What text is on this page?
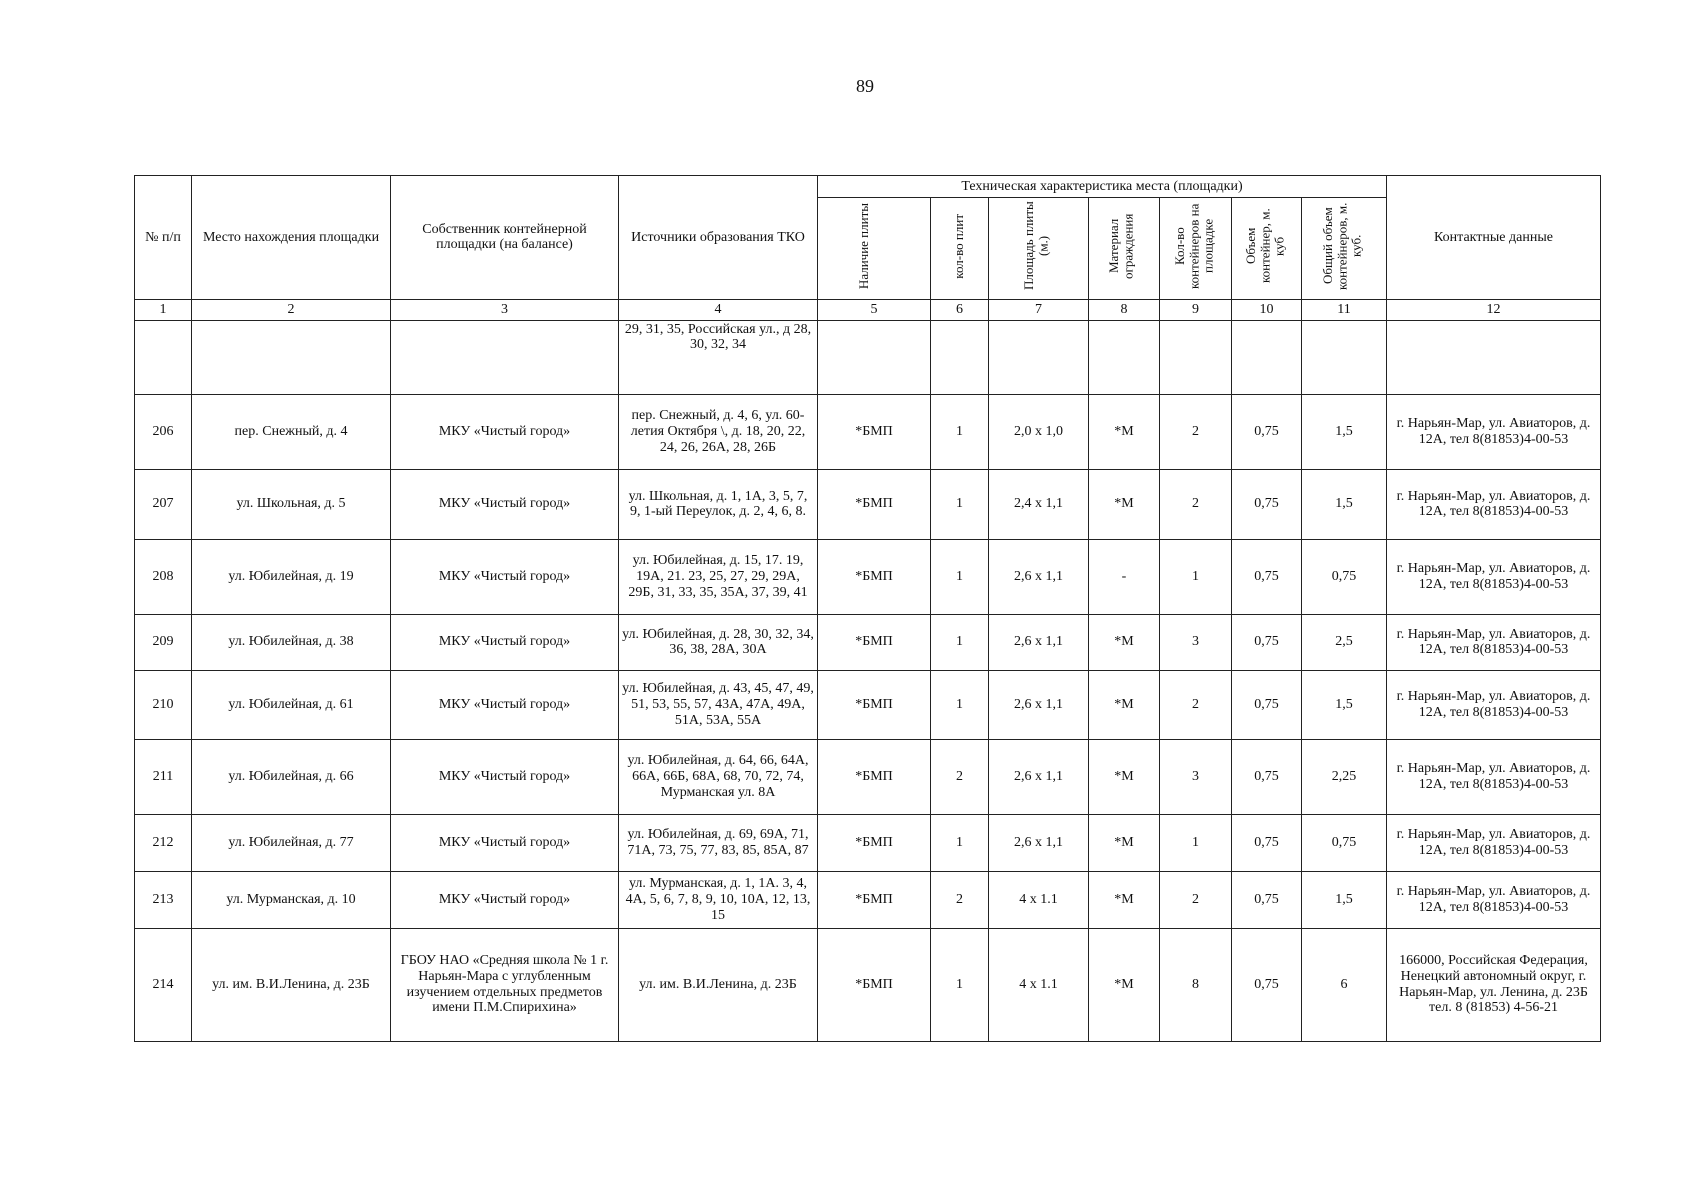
89
№ п/п	Место нахождения площадки	Собственник контейнерной площадки (на балансе)	Источники образования ТКО	Техническая характеристика места (площадки)							Контактные данные
				Наличие плиты	кол-во плит	Площадь плиты (м.)	Материал ограждения	Кол-во контейнеров на площадке	Объем контейнер, м. куб	Общий объем контейнеров, м. куб.	
1	2	3	4	5	6	7	8	9	10	11	12
			29, 31, 35, Российская ул., д 28, 30, 32, 34								
206	пер. Снежный, д. 4	МКУ «Чистый город»	пер. Снежный, д. 4, 6, ул. 60-летия Октября \, д. 18, 20, 22, 24, 26, 26А, 28, 26Б	*БМП	1	2,0 x 1,0	*М	2	0,75	1,5	г. Нарьян-Мар, ул. Авиаторов, д. 12А, тел 8(81853)4-00-53
207	ул. Школьная, д. 5	МКУ «Чистый город»	ул. Школьная, д. 1, 1А, 3, 5, 7, 9, 1-ый Переулок, д. 2, 4, 6, 8.	*БМП	1	2,4 x 1,1	*М	2	0,75	1,5	г. Нарьян-Мар, ул. Авиаторов, д. 12А, тел 8(81853)4-00-53
208	ул. Юбилейная, д. 19	МКУ «Чистый город»	ул. Юбилейная, д. 15, 17. 19, 19А, 21. 23, 25, 27, 29, 29А, 29Б, 31, 33, 35, 35А, 37, 39, 41	*БМП	1	2,6 x 1,1	-	1	0,75	0,75	г. Нарьян-Мар, ул. Авиаторов, д. 12А, тел 8(81853)4-00-53
209	ул. Юбилейная, д. 38	МКУ «Чистый город»	ул. Юбилейная, д. 28, 30, 32, 34, 36, 38, 28А, 30А	*БМП	1	2,6 x 1,1	*М	3	0,75	2,5	г. Нарьян-Мар, ул. Авиаторов, д. 12А, тел 8(81853)4-00-53
210	ул. Юбилейная, д. 61	МКУ «Чистый город»	ул. Юбилейная, д. 43, 45, 47, 49, 51, 53, 55, 57, 43А, 47А, 49А, 51А, 53А, 55А	*БМП	1	2,6 x 1,1	*М	2	0,75	1,5	г. Нарьян-Мар, ул. Авиаторов, д. 12А, тел 8(81853)4-00-53
211	ул. Юбилейная, д. 66	МКУ «Чистый город»	ул. Юбилейная, д. 64, 66, 64А, 66А, 66Б, 68А, 68, 70, 72, 74, Мурманская ул. 8А	*БМП	2	2,6 x 1,1	*М	3	0,75	2,25	г. Нарьян-Мар, ул. Авиаторов, д. 12А, тел 8(81853)4-00-53
212	ул. Юбилейная, д. 77	МКУ «Чистый город»	ул. Юбилейная, д. 69, 69А, 71, 71А, 73, 75, 77, 83, 85, 85А, 87	*БМП	1	2,6 x 1,1	*М	1	0,75	0,75	г. Нарьян-Мар, ул. Авиаторов, д. 12А, тел 8(81853)4-00-53
213	ул. Мурманская, д. 10	МКУ «Чистый город»	ул. Мурманская, д. 1, 1А. 3, 4, 4А, 5, 6, 7, 8, 9, 10, 10А, 12, 13, 15	*БМП	2	4 x 1.1	*М	2	0,75	1,5	г. Нарьян-Мар, ул. Авиаторов, д. 12А, тел 8(81853)4-00-53
214	ул. им. В.И.Ленина, д. 23Б	ГБОУ НАО «Средняя школа № 1 г. Нарьян-Мара с углубленным изучением отдельных предметов имени П.М.Спирихина»	ул. им. В.И.Ленина, д. 23Б	*БМП	1	4 x 1.1	*М	8	0,75	6	166000, Российская Федерация, Ненецкий автономный округ, г. Нарьян-Мар, ул. Ленина, д. 23Б тел. 8 (81853) 4-56-21
